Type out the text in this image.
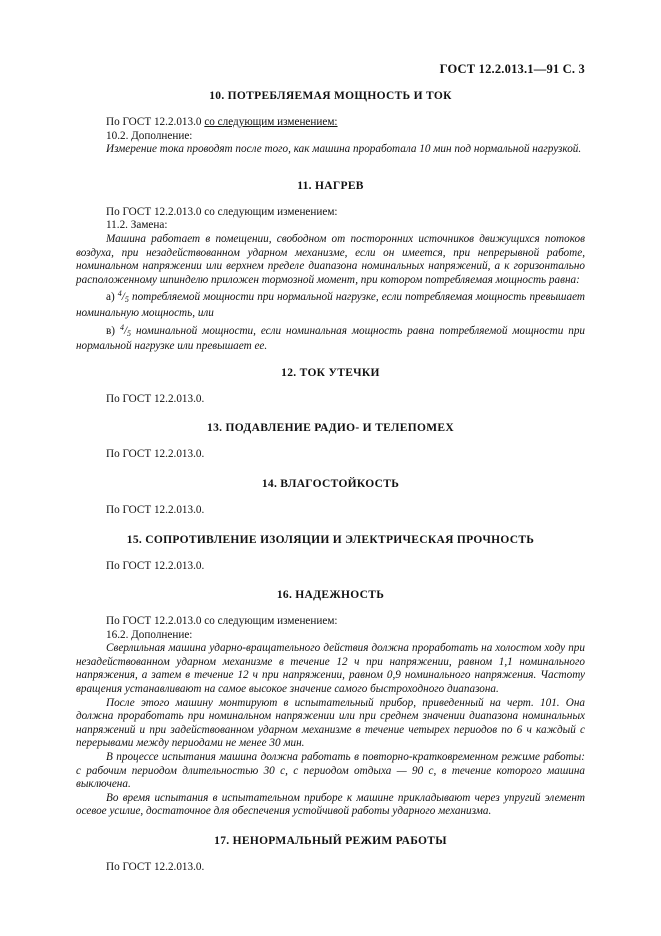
ГОСТ 12.2.013.1—91 С. 3
10. ПОТРЕБЛЯЕМАЯ МОЩНОСТЬ И ТОК

По ГОСТ 12.2.013.0 со следующим изменением:

10.2. Дополнение:

Измерение тока проводят после того, как машина проработала 10 мин под нормальной нагрузкой.

11. НАГРЕВ

По ГОСТ 12.2.013.0 со следующим изменением:

11.2. Замена:

Машина работает в помещении, свободном от посторонних источников движущихся потоков воздуха, при незадействованном ударном механизме, если он имеется, при непрерывной работе, номинальном напряжении или верхнем пределе диапазона номинальных напряжений, а к горизонтально расположенному шпинделю приложен тормозной момент, при котором потребляемая мощность равна:

а) $^4/_5$ потребляемой мощности при нормальной нагрузке, если потребляемая мощность превышает номинальную мощность, или

в) $^4/_5$ номинальной мощности, если номинальная мощность равна потребляемой мощности при нормальной нагрузке или превышает ее.

12. ТОК УТЕЧКИ

По ГОСТ 12.2.013.0.

13. ПОДАВЛЕНИЕ РАДИО- И ТЕЛЕПОМЕХ

По ГОСТ 12.2.013.0.

14. ВЛАГОСТОЙКОСТЬ

По ГОСТ 12.2.013.0.

15. СОПРОТИВЛЕНИЕ ИЗОЛЯЦИИ И ЭЛЕКТРИЧЕСКАЯ ПРОЧНОСТЬ

По ГОСТ 12.2.013.0.

16. НАДЕЖНОСТЬ

По ГОСТ 12.2.013.0 со следующим изменением:

16.2. Дополнение:

Сверлильная машина ударно-вращательного действия должна проработать на холостом ходу при незадействованном ударном механизме в течение 12 ч при напряжении, равном 1,1 номинального напряжения, а затем в течение 12 ч при напряжении, равном 0,9 номинального напряжения. Частоту вращения устанавливают на самое высокое значение самого быстроходного диапазона.

После этого машину монтируют в испытательный прибор, приведенный на черт. 101. Она должна проработать при номинальном напряжении или при среднем значении диапазона номинальных напряжений и при задействованном ударном механизме в течение четырех периодов по 6 ч каждый с перерывами между периодами не менее 30 мин.

В процессе испытания машина должна работать в повторно-кратковременном режиме работы: с рабочим периодом длительностью 30 с, с периодом отдыха — 90 с, в течение которого машина выключена.

Во время испытания в испытательном приборе к машине прикладывают через упругий элемент осевое усилие, достаточное для обеспечения устойчивой работы ударного механизма.

17. НЕНОРМАЛЬНЫЙ РЕЖИМ РАБОТЫ

По ГОСТ 12.2.013.0.
